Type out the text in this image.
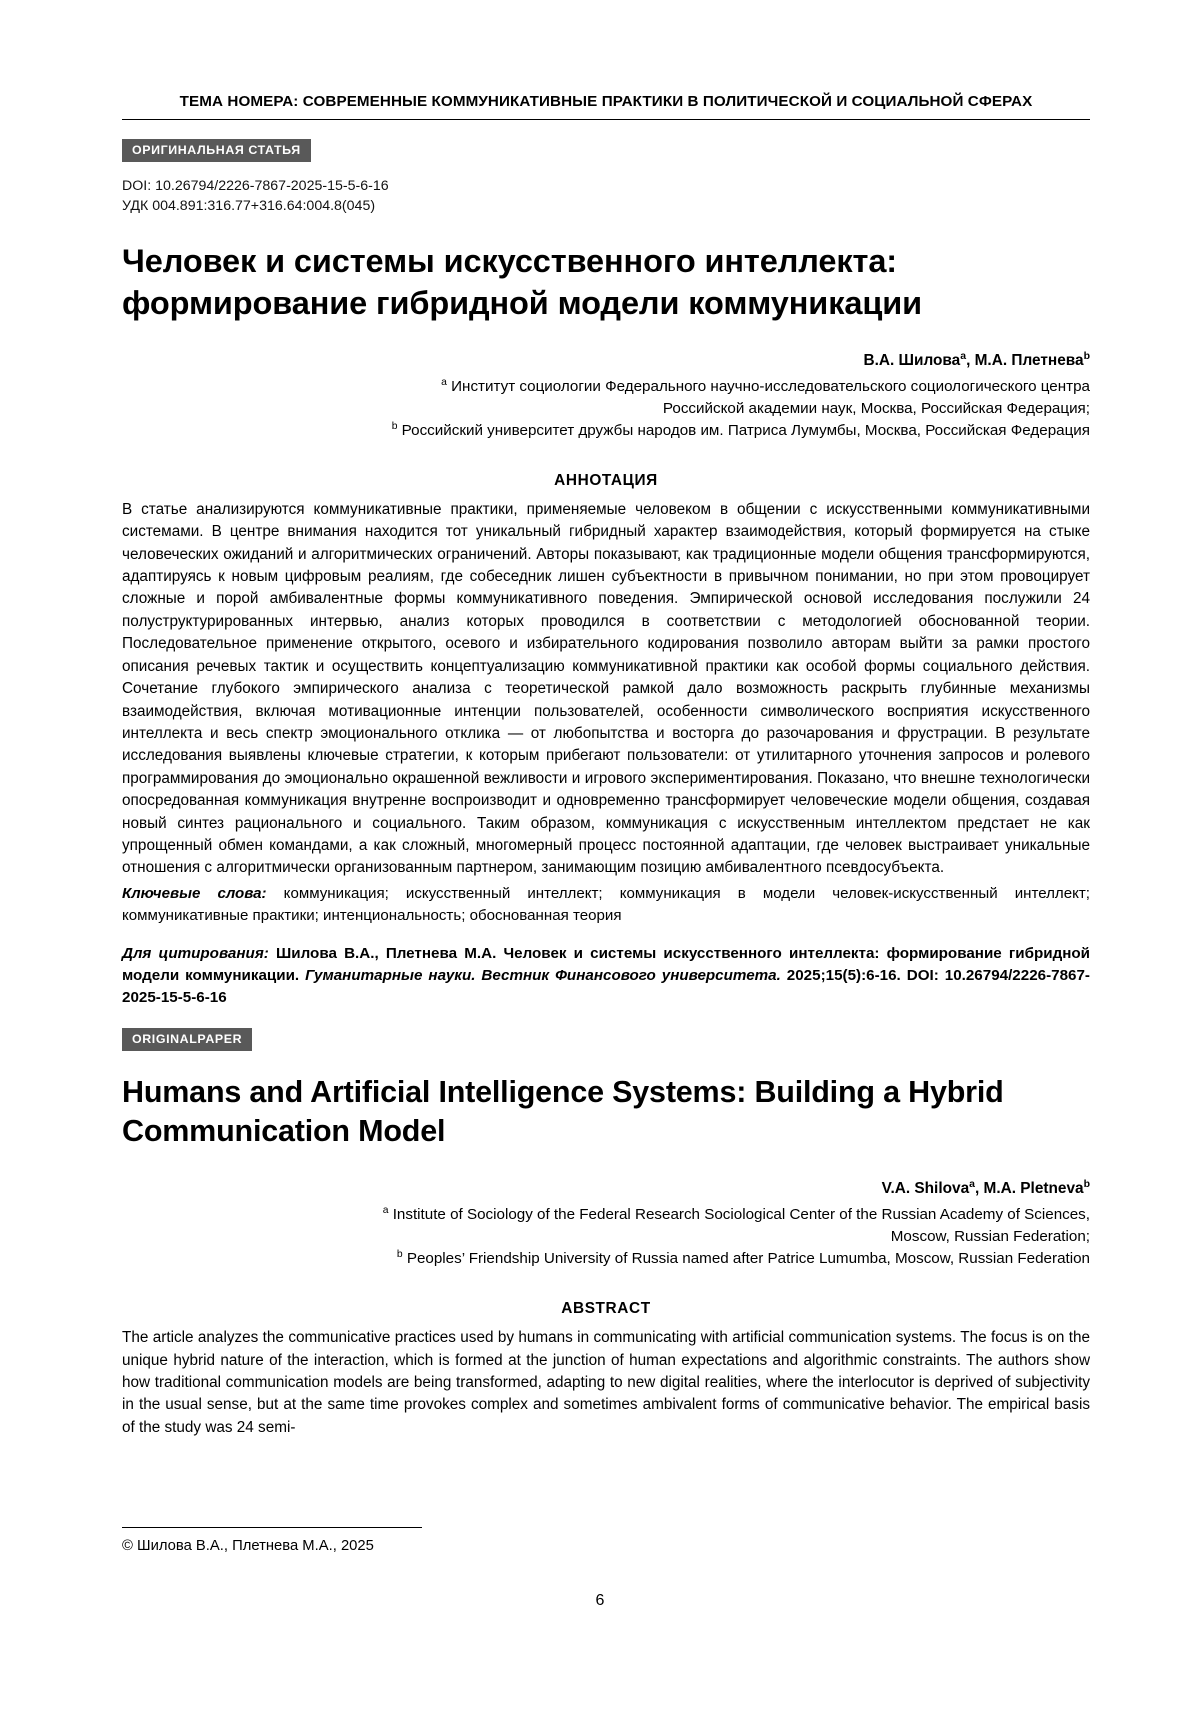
ТЕМА НОМЕРА: СОВРЕМЕННЫЕ КОММУНИКАТИВНЫЕ ПРАКТИКИ В ПОЛИТИЧЕСКОЙ И СОЦИАЛЬНОЙ СФЕРАХ
ОРИГИНАЛЬНАЯ СТАТЬЯ
DOI: 10.26794/2226-7867-2025-15-5-6-16
УДК 004.891:316.77+316.64:004.8(045)
Человек и системы искусственного интеллекта: формирование гибридной модели коммуникации
В.А. Шилова$^a$, М.А. Плетнева$^b$
$^a$ Институт социологии Федерального научно-исследовательского социологического центра
Российской академии наук, Москва, Российская Федерация;
$^b$ Российский университет дружбы народов им. Патриса Лумумбы, Москва, Российская Федерация
АННОТАЦИЯ
В статье анализируются коммуникативные практики, применяемые человеком в общении с искусственными коммуникативными системами. В центре внимания находится тот уникальный гибридный характер взаимодействия, который формируется на стыке человеческих ожиданий и алгоритмических ограничений. Авторы показывают, как традиционные модели общения трансформируются, адаптируясь к новым цифровым реалиям, где собеседник лишен субъектности в привычном понимании, но при этом провоцирует сложные и порой амбивалентные формы коммуникативного поведения. Эмпирической основой исследования послужили 24 полуструктурированных интервью, анализ которых проводился в соответствии с методологией обоснованной теории. Последовательное применение открытого, осевого и избирательного кодирования позволило авторам выйти за рамки простого описания речевых тактик и осуществить концептуализацию коммуникативной практики как особой формы социального действия. Сочетание глубокого эмпирического анализа с теоретической рамкой дало возможность раскрыть глубинные механизмы взаимодействия, включая мотивационные интенции пользователей, особенности символического восприятия искусственного интеллекта и весь спектр эмоционального отклика — от любопытства и восторга до разочарования и фрустрации. В результате исследования выявлены ключевые стратегии, к которым прибегают пользователи: от утилитарного уточнения запросов и ролевого программирования до эмоционально окрашенной вежливости и игрового экспериментирования. Показано, что внешне технологически опосредованная коммуникация внутренне воспроизводит и одновременно трансформирует человеческие модели общения, создавая новый синтез рационального и социального. Таким образом, коммуникация с искусственным интеллектом предстает не как упрощенный обмен командами, а как сложный, многомерный процесс постоянной адаптации, где человек выстраивает уникальные отношения с алгоритмически организованным партнером, занимающим позицию амбивалентного псевдосубъекта.
Ключевые слова: коммуникация; искусственный интеллект; коммуникация в модели человек-искусственный интеллект; коммуникативные практики; интенциональность; обоснованная теория
Для цитирования: Шилова В.А., Плетнева М.А. Человек и системы искусственного интеллекта: формирование гибридной модели коммуникации. Гуманитарные науки. Вестник Финансового университета. 2025;15(5):6-16. DOI: 10.26794/2226-7867-2025-15-5-6-16
ORIGINALPAPER
Humans and Artificial Intelligence Systems: Building a Hybrid Communication Model
V.A. Shilova$^a$, M.A. Pletneva$^b$
$^a$ Institute of Sociology of the Federal Research Sociological Center of the Russian Academy of Sciences,
Moscow, Russian Federation;
$^b$ Peoples’ Friendship University of Russia named after Patrice Lumumba, Moscow, Russian Federation
ABSTRACT
The article analyzes the communicative practices used by humans in communicating with artificial communication systems. The focus is on the unique hybrid nature of the interaction, which is formed at the junction of human expectations and algorithmic constraints. The authors show how traditional communication models are being transformed, adapting to new digital realities, where the interlocutor is deprived of subjectivity in the usual sense, but at the same time provokes complex and sometimes ambivalent forms of communicative behavior. The empirical basis of the study was 24 semi-
© Шилова В.А., Плетнева М.А., 2025
6
